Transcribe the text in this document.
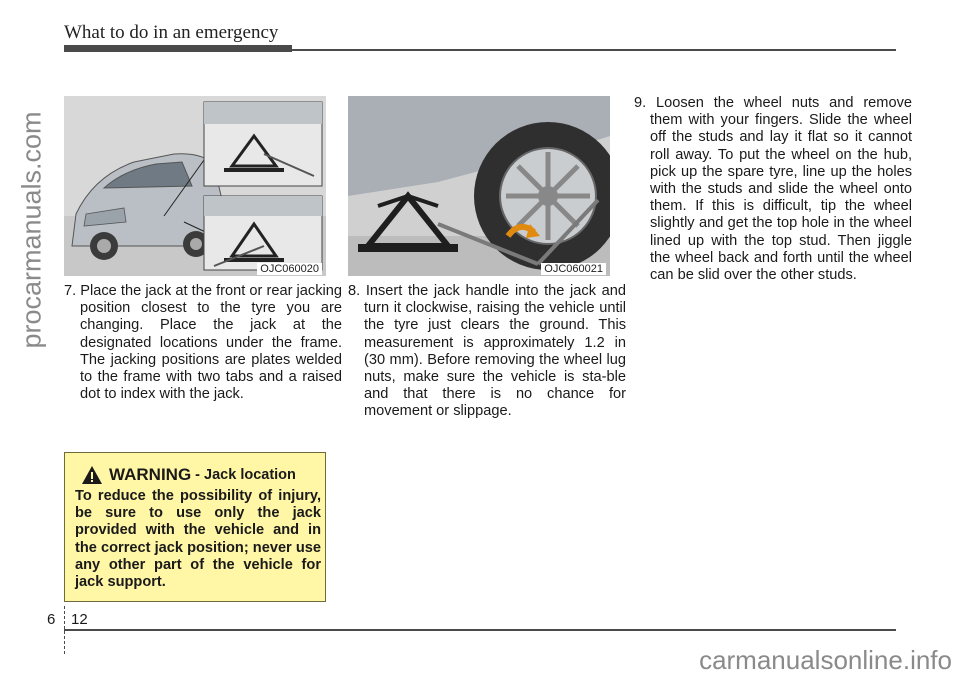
What to do in an emergency
procarmanuals.com	OJC060020	OJC060021
7. Place the jack at the front or rear jacking position closest to the tyre you are changing. Place the jack at the designated locations under the frame. The jacking positions are plates welded to the frame with two tabs and a raised dot to index with the jack.
8. Insert the jack handle into the jack and turn it clockwise, raising the vehicle until the tyre just clears the ground. This measurement is approximately 1.2 in (30 mm). Before removing the wheel lug nuts, make sure the vehicle is sta-ble and that there is no chance for movement or slippage.
9. Loosen the wheel nuts and remove them with your fingers. Slide the wheel off the studs and lay it flat so it cannot roll away. To put the wheel on the hub, pick up the spare tyre, line up the holes with the studs and slide the wheel onto them. If this is difficult, tip the wheel slightly and get the top hole in the wheel lined up with the top stud. Then jiggle the wheel back and forth until the wheel can be slid over the other studs.
WARNING - Jack location
To reduce the possibility of injury, be sure to use only the jack provided with the vehicle and in the correct jack position; never use any other part of the vehicle for jack support.
6 12
carmanualsonline.info
